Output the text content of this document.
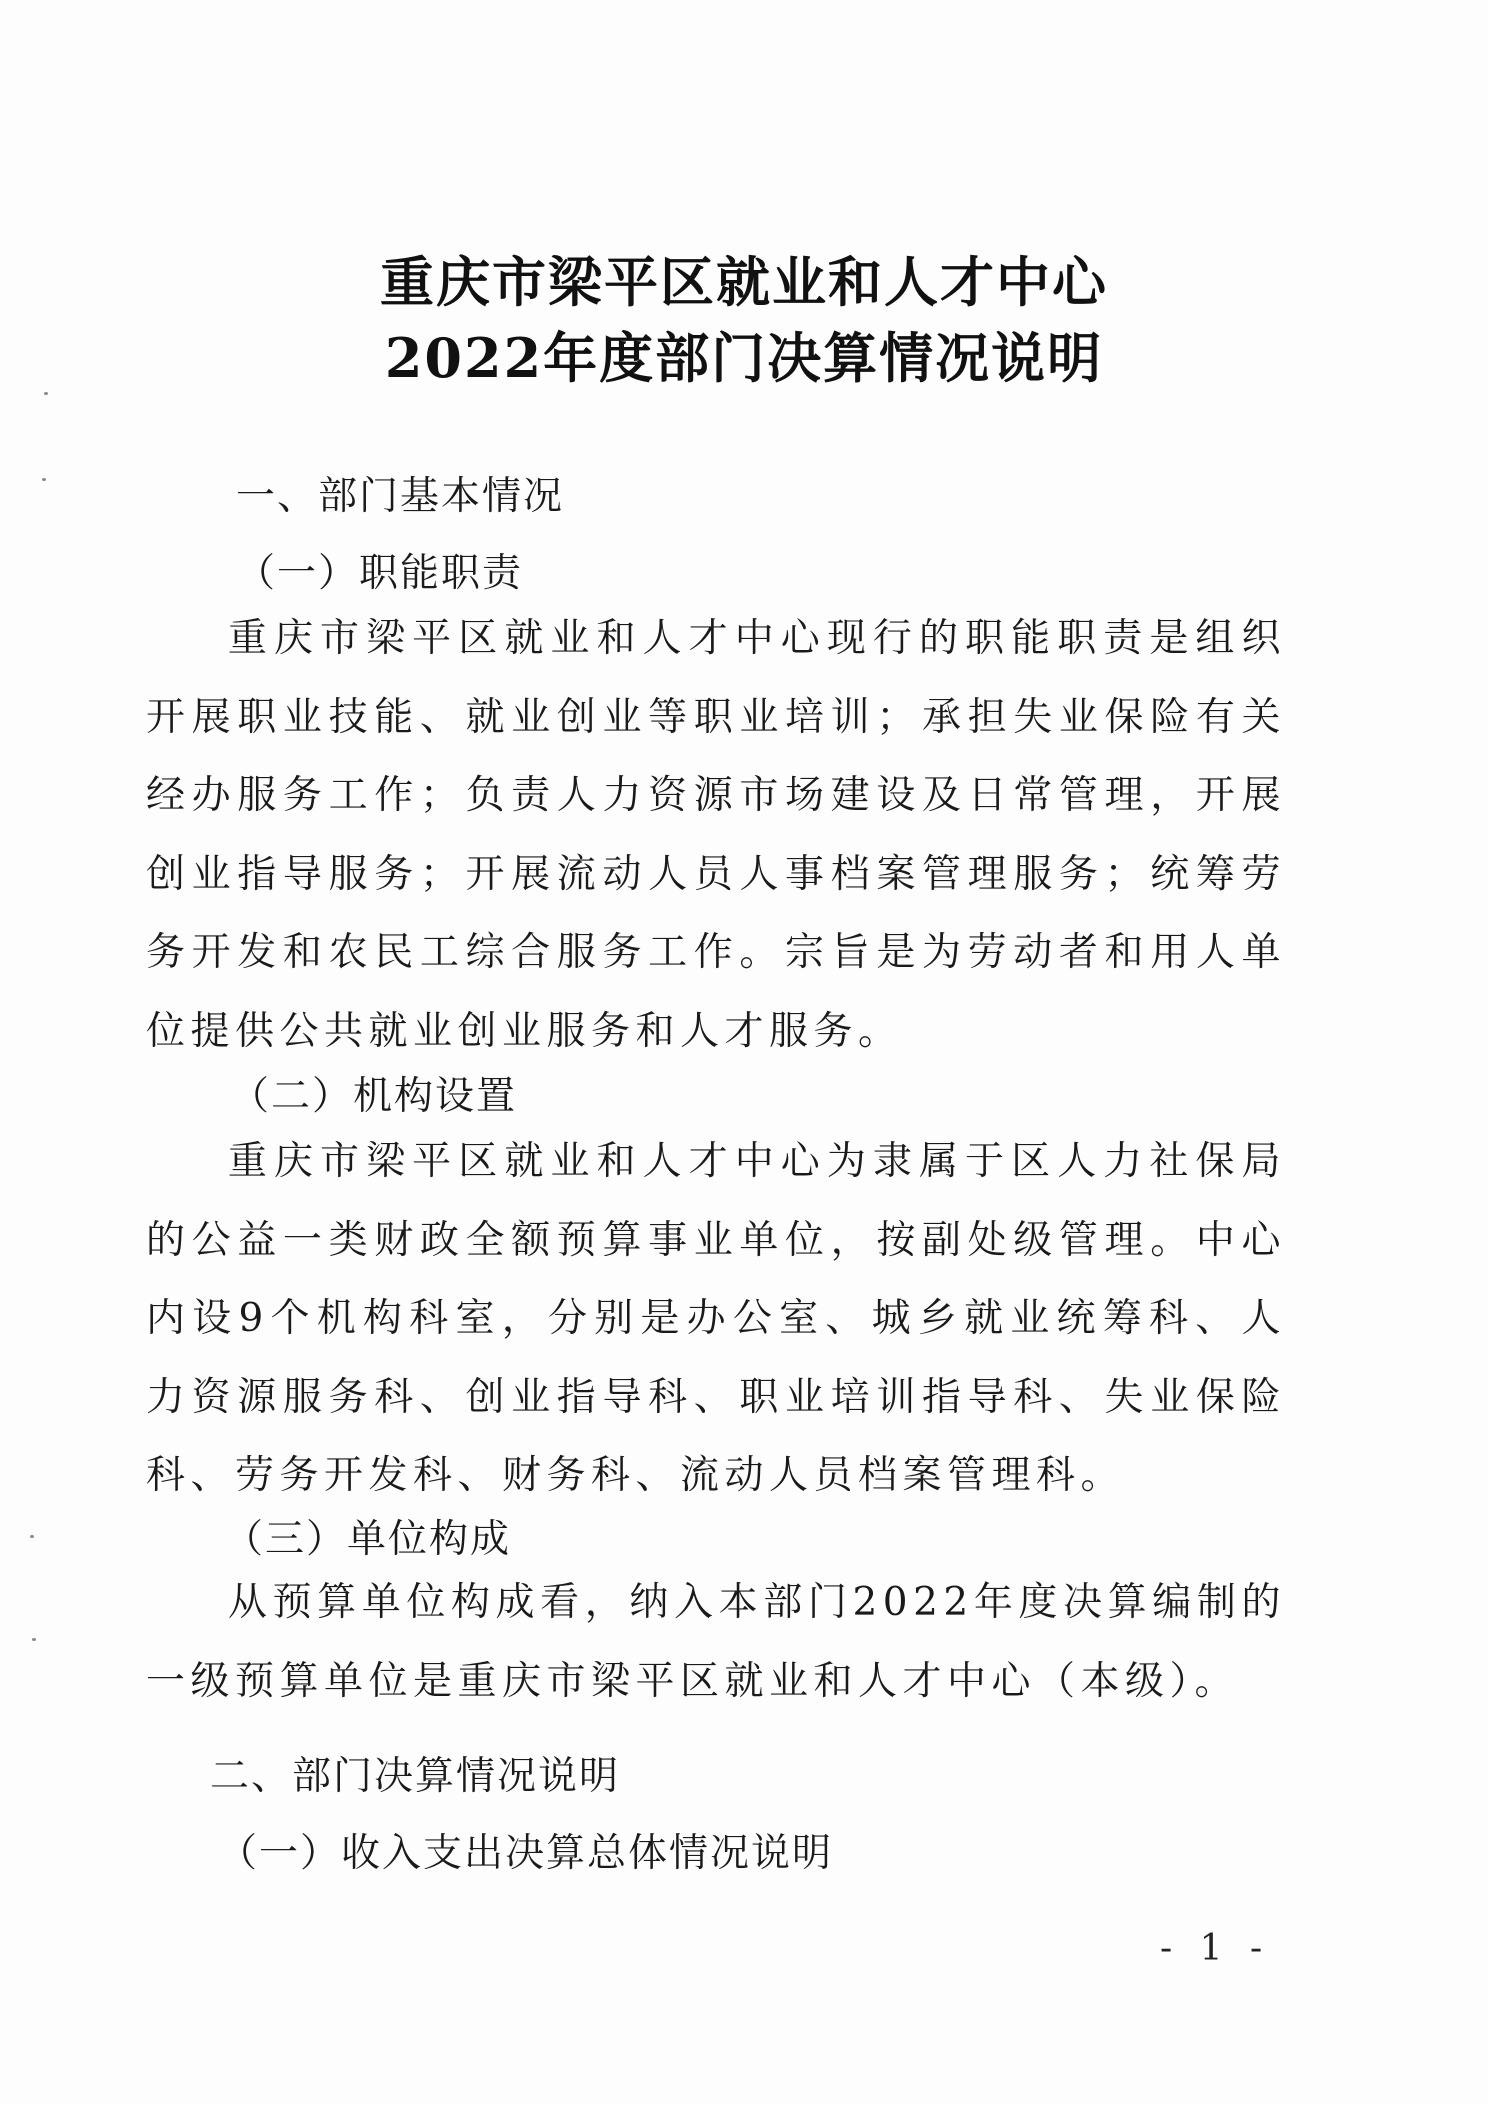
重庆市梁平区就业和人才中心
2022年度部门决算情况说明
一、部门基本情况
（一）职能职责

重庆市梁平区就业和人才中心现行的职能职责是组织开展职业技能、就业创业等职业培训；承担失业保险有关经办服务工作；负责人力资源市场建设及日常管理，开展创业指导服务；开展流动人员人事档案管理服务；统筹劳务开发和农民工综合服务工作。宗旨是为劳动者和用人单位提供公共就业创业服务和人才服务。

（二）机构设置

重庆市梁平区就业和人才中心为隶属于区人力社保局的公益一类财政全额预算事业单位，按副处级管理。中心内设9个机构科室，分别是办公室、城乡就业统筹科、人力资源服务科、创业指导科、职业培训指导科、失业保险科、劳务开发科、财务科、流动人员档案管理科。

（三）单位构成

从预算单位构成看，纳入本部门2022年度决算编制的一级预算单位是重庆市梁平区就业和人才中心（本级）。

二、部门决算情况说明
（一）收入支出决算总体情况说明
- 1 -
